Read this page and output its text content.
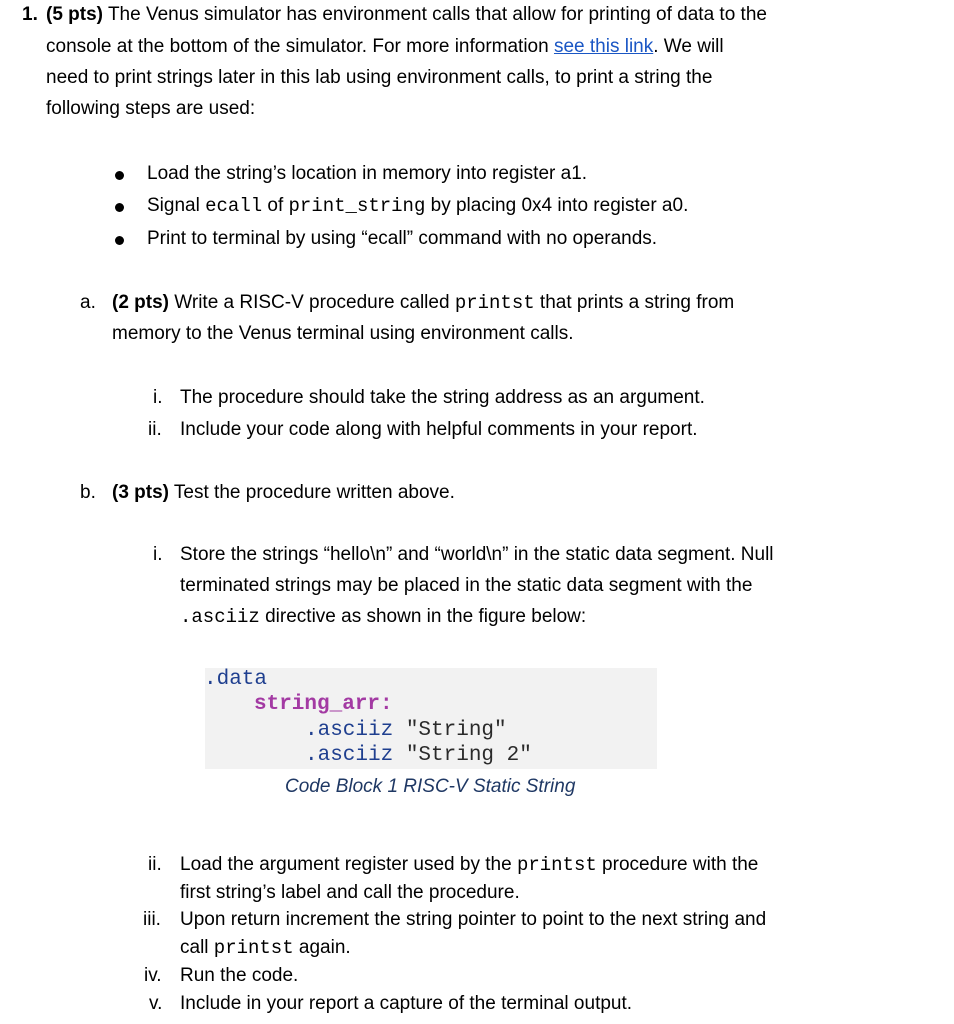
1. (5 pts) The Venus simulator has environment calls that allow for printing of data to the
console at the bottom of the simulator. For more information see this link. We will
need to print strings later in this lab using environment calls, to print a string the
following steps are used:
Load the string’s location in memory into register a1.
Signal ecall of print_string by placing 0x4 into register a0.
Print to terminal by using “ecall” command with no operands.
a. (2 pts) Write a RISC-V procedure called printst that prints a string from
memory to the Venus terminal using environment calls.
i. The procedure should take the string address as an argument.
ii. Include your code along with helpful comments in your report.
b. (3 pts) Test the procedure written above.
i. Store the strings “hello\n” and “world\n” in the static data segment. Null
terminated strings may be placed in the static data segment with the
.asciiz directive as shown in the figure below:
.data
string_arr:
.asciiz "String"
.asciiz "String 2"
Code Block 1 RISC-V Static String
ii. Load the argument register used by the printst procedure with the
first string’s label and call the procedure.
iii. Upon return increment the string pointer to point to the next string and
call printst again.
iv. Run the code.
v. Include in your report a capture of the terminal output.
